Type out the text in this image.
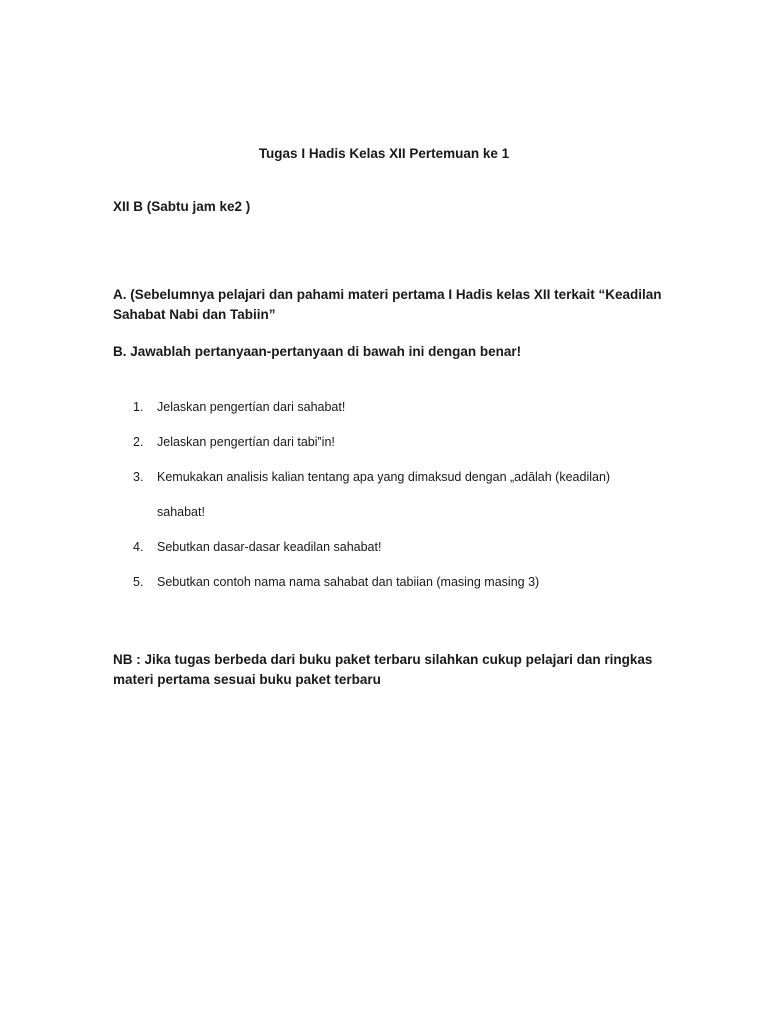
Tugas I Hadis Kelas XII Pertemuan ke 1

XII B (Sabtu jam ke2 )

A. (Sebelumnya pelajari dan pahami materi pertama I Hadis kelas XII terkait “Keadilan Sahabat Nabi dan Tabiin”

B. Jawablah pertanyaan-pertanyaan di bawah ini dengan benar!

1. Jelaskan pengertían dari sahabat!
2. Jelaskan pengertían dari tabi‟in!
3. Kemukakan analisis kalian tentang apa yang dimaksud dengan „adālah (keadilan) sahabat!
4. Sebutkan dasar-dasar keadilan sahabat!
5. Sebutkan contoh nama nama sahabat dan tabiian (masing masing 3)

NB : Jika tugas berbeda dari buku paket terbaru silahkan cukup pelajari dan ringkas materi pertama sesuai buku paket terbaru
